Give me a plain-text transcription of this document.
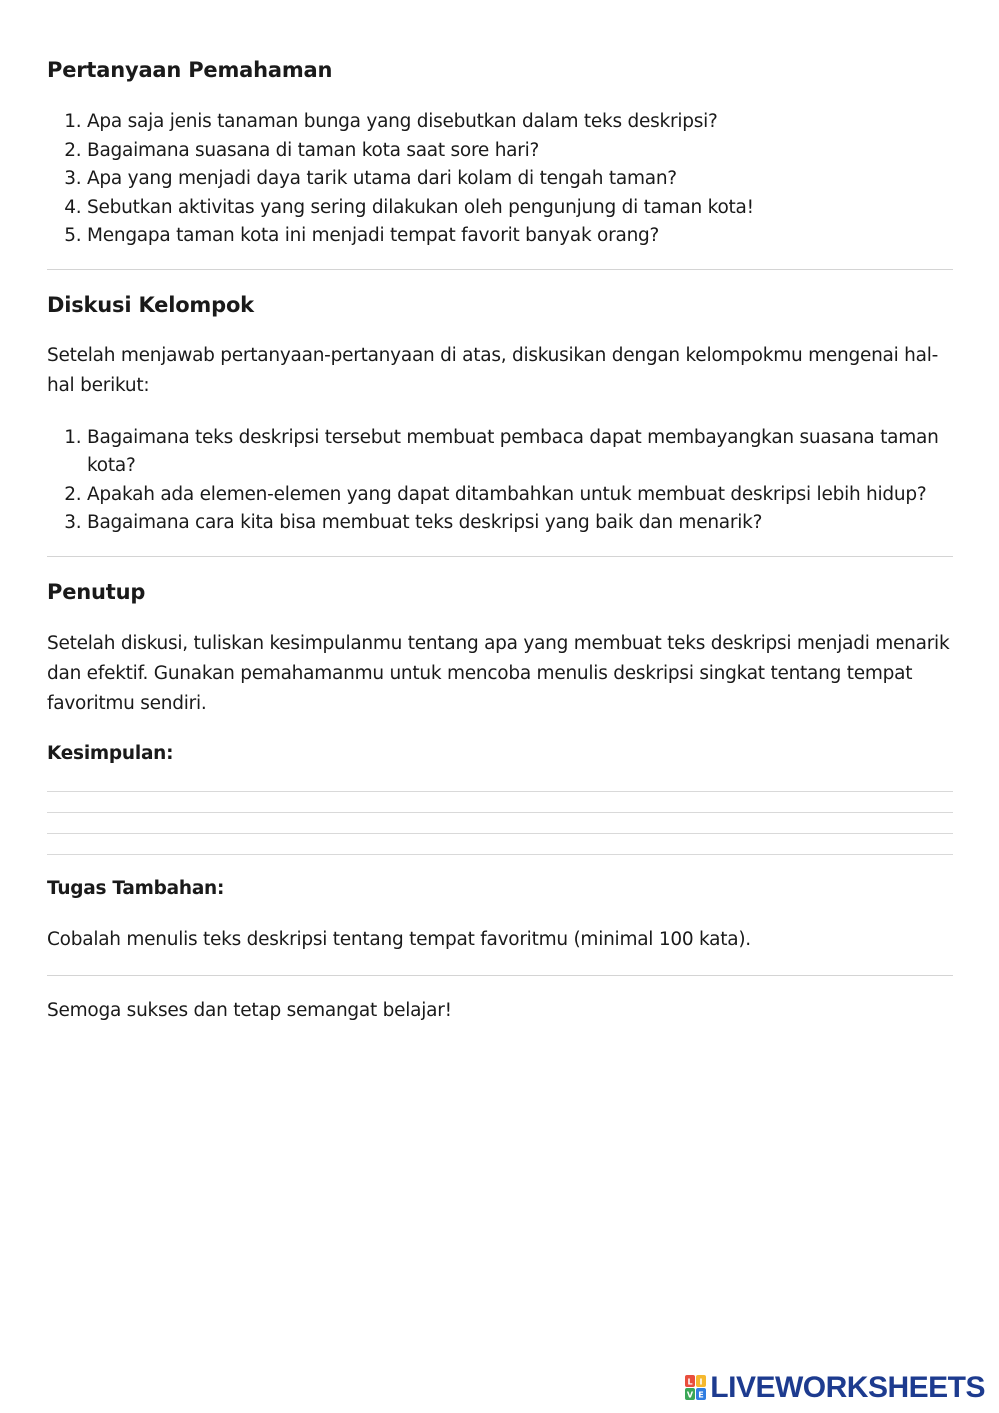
Pertanyaan Pemahaman
1. Apa saja jenis tanaman bunga yang disebutkan dalam teks deskripsi?
2. Bagaimana suasana di taman kota saat sore hari?
3. Apa yang menjadi daya tarik utama dari kolam di tengah taman?
4. Sebutkan aktivitas yang sering dilakukan oleh pengunjung di taman kota!
5. Mengapa taman kota ini menjadi tempat favorit banyak orang?
Diskusi Kelompok

Setelah menjawab pertanyaan-pertanyaan di atas, diskusikan dengan kelompokmu mengenai hal-hal berikut:

1. Bagaimana teks deskripsi tersebut membuat pembaca dapat membayangkan suasana taman kota?
2. Apakah ada elemen-elemen yang dapat ditambahkan untuk membuat deskripsi lebih hidup?
3. Bagaimana cara kita bisa membuat teks deskripsi yang baik dan menarik?
Penutup

Setelah diskusi, tuliskan kesimpulanmu tentang apa yang membuat teks deskripsi menjadi menarik dan efektif. Gunakan pemahamanmu untuk mencoba menulis deskripsi singkat tentang tempat favoritmu sendiri.

Kesimpulan:
Tugas Tambahan:

Cobalah menulis teks deskripsi tentang tempat favoritmu (minimal 100 kata).

Semoga sukses dan tetap semangat belajar!

L I
V E LIVEWORKSHEETS
